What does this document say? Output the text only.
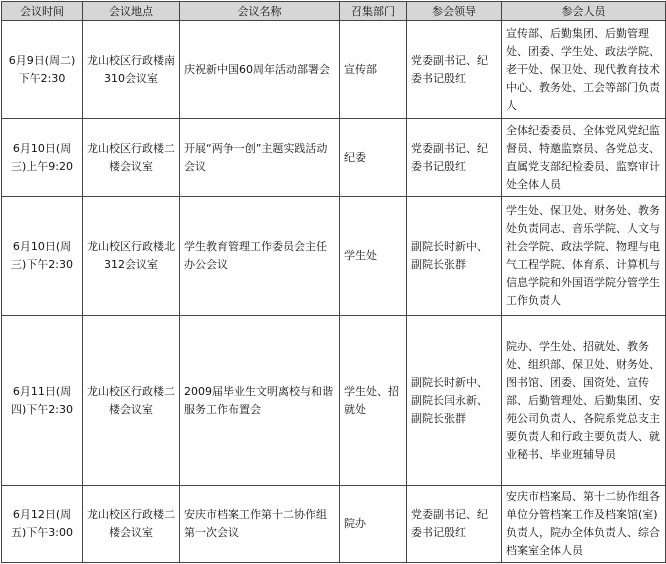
会议时间	会议地点	会议名称	召集部门	参会领导	参会人员
6月9日(周二)下午2:30	龙山校区行政楼南310会议室	庆祝新中国60周年活动部署会	宣传部	党委副书记、纪委书记殷红	宣传部、后勤集团、后勤管理处、团委、学生处、政法学院、老干处、保卫处、现代教育技术中心、教务处、工会等部门负责人
6月10日(周三)上午9:20	龙山校区行政楼二楼会议室	开展“两争一创”主题实践活动会议	纪委	党委副书记、纪委书记殷红	全体纪委委员、全体党风党纪监督员、特邀监察员、各党总支、直属党支部纪检委员、监察审计处全体人员
6月10日(周三)下午2:30	龙山校区行政楼北312会议室	学生教育管理工作委员会主任办公会议	学生处	副院长时新中、副院长张群	学生处、保卫处、财务处、教务处负责同志、音乐学院、人文与社会学院、政法学院、物理与电气工程学院、体育系、计算机与信息学院和外国语学院分管学生工作负责人
6月11日(周四)下午2:30	龙山校区行政楼二楼会议室	2009届毕业生文明离校与和谐服务工作布置会	学生处、招就处	副院长时新中、副院长闫永新、副院长张群	院办、学生处、招就处、教务处、组织部、保卫处、财务处、图书馆、团委、国资处、宣传部、后勤管理处、后勤集团、安苑公司负责人、各院系党总支主要负责人和行政主要负责人、就业秘书、毕业班辅导员
6月12日(周五)下午3:00	龙山校区行政楼二楼会议室	安庆市档案工作第十二协作组第一次会议	院办	党委副书记、纪委书记殷红	安庆市档案局、第十二协作组各单位分管档案工作及档案馆(室)负责人，院办全体负责人、综合档案室全体人员
